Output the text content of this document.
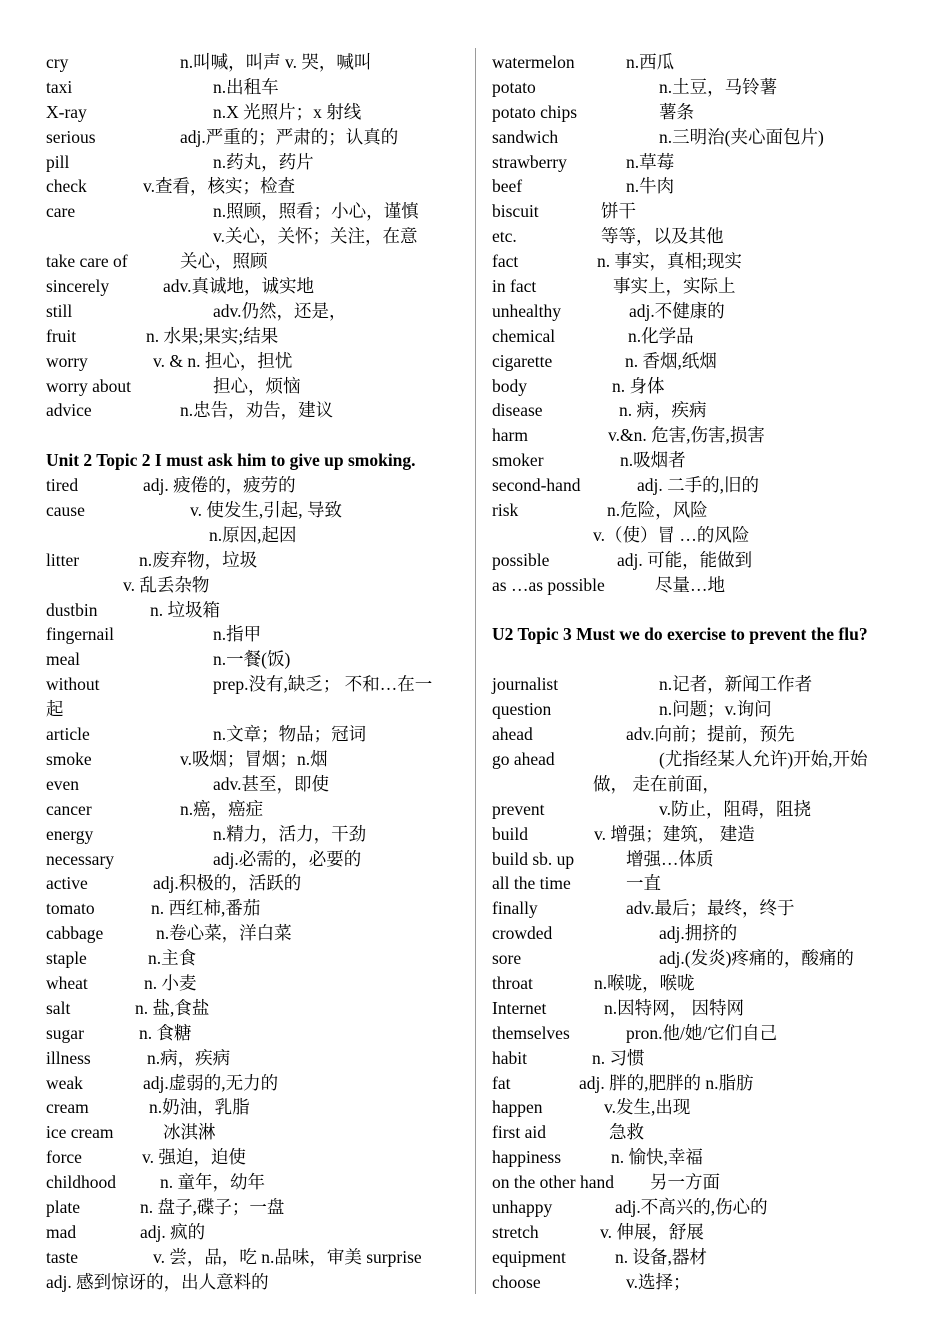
cry	n.叫喊，叫声 v. 哭，喊叫
taxi	n.出租车
X-ray	n.X 光照片；x 射线
serious	adj.严重的；严肃的；认真的
pill	n.药丸，药片
check	v.查看，核实；检查
care	n.照顾，照看；小心，谨慎
v.关心，关怀；关注，在意
take care of	关心，照顾
sincerely	adv.真诚地，诚实地
still	adv.仍然，还是，
fruit	n. 水果;果实;结果
worry	v. & n. 担心，担忧
worry about	担心，烦恼
advice	n.忠告，劝告，建议
Unit 2 Topic 2 I must ask him to give up smoking.
tired	adj. 疲倦的，疲劳的
cause	v. 使发生,引起, 导致
n.原因,起因
litter	n.废弃物，垃圾
v. 乱丢杂物
dustbin	n. 垃圾箱
fingernail	n.指甲
meal	n.一餐(饭)
without	prep.没有,缺乏； 不和…在一
起
article	n.文章；物品；冠词
smoke	v.吸烟；冒烟；n.烟
even	adv.甚至，即使
cancer	n.癌，癌症
energy	n.精力，活力，干劲
necessary	adj.必需的，必要的
active	adj.积极的，活跃的
tomato	n. 西红柿,番茄
cabbage	n.卷心菜，洋白菜
staple	n.主食
wheat	n. 小麦
salt	n. 盐,食盐
sugar	n. 食糖
illness	n.病，疾病
weak	adj.虚弱的,无力的
cream	n.奶油，乳脂
ice cream	冰淇淋
force	v. 强迫，迫使
childhood	n. 童年，幼年
plate	n. 盘子,碟子；一盘
mad	adj. 疯的
taste	v. 尝，品，吃 n.品味，审美 surprise
adj. 感到惊讶的，出人意料的
watermelon	n.西瓜
potato	n.土豆，马铃薯
potato chips	薯条
sandwich	n.三明治(夹心面包片)
strawberry	n.草莓
beef	n.牛肉
biscuit	饼干
etc.	等等，以及其他
fact	n. 事实，真相;现实
in fact	事实上，实际上
unhealthy	adj.不健康的
chemical	n.化学品
cigarette	n. 香烟,纸烟
body	n. 身体
disease	n. 病，疾病
harm	v.&n. 危害,伤害,损害
smoker	n.吸烟者
second-hand	adj. 二手的,旧的
risk	n.危险，风险
v.（使）冒 …的风险
possible	adj. 可能，能做到
as …as possible	尽量…地
U2 Topic 3 Must we do exercise to prevent the flu?
journalist	n.记者，新闻工作者
question	n.问题；v.询问
ahead	adv.向前；提前，预先
go ahead	(尤指经某人允许)开始,开始
做， 走在前面，
prevent	v.防止，阻碍，阻挠
build	v. 增强；建筑， 建造
build sb. up	增强…体质
all the time	一直
finally	adv.最后；最终，终于
crowded	adj.拥挤的
sore	adj.(发炎)疼痛的，酸痛的
throat	n.喉咙，喉咙
Internet	n.因特网， 因特网
themselves	pron.他/她/它们自己
habit	n. 习惯
fat	adj. 胖的,肥胖的 n.脂肪
happen	v.发生,出现
first aid	急救
happiness	n. 愉快,幸福
on the other hand 另一方面
unhappy	adj.不高兴的,伤心的
stretch	v. 伸展，舒展
equipment	n. 设备,器材
choose	v.选择；
